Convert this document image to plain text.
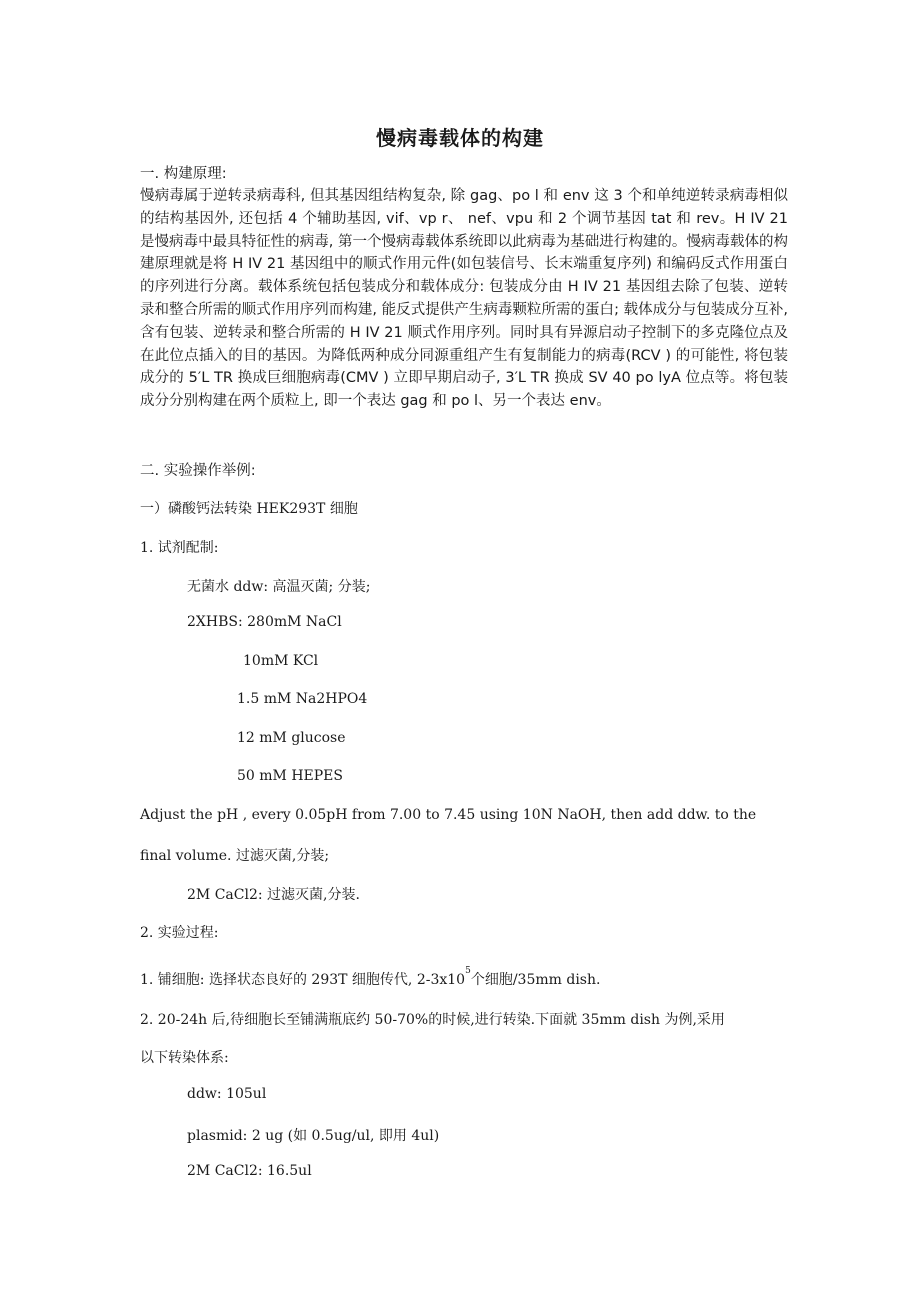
慢病毒载体的构建
一. 构建原理:

慢病毒属于逆转录病毒科, 但其基因组结构复杂, 除 gag、po l 和 env 这 3 个和单纯逆转录病毒相似的结构基因外, 还包括 4 个辅助基因, vif、vp r、 nef、vpu 和 2 个调节基因 tat 和 rev。H IV 21 是慢病毒中最具特征性的病毒, 第一个慢病毒载体系统即以此病毒为基础进行构建的。慢病毒载体的构建原理就是将 H IV 21 基因组中的顺式作用元件(如包装信号、长末端重复序列) 和编码反式作用蛋白的序列进行分离。载体系统包括包装成分和载体成分: 包装成分由 H IV 21 基因组去除了包装、逆转录和整合所需的顺式作用序列而构建, 能反式提供产生病毒颗粒所需的蛋白; 载体成分与包装成分互补, 含有包装、逆转录和整合所需的 H IV 21 顺式作用序列。同时具有异源启动子控制下的多克隆位点及在此位点插入的目的基因。为降低两种成分同源重组产生有复制能力的病毒(RCV ) 的可能性, 将包装成分的 5′L TR 换成巨细胞病毒(CMV ) 立即早期启动子, 3′L TR 换成 SV 40 po lyA 位点等。将包装成分分别构建在两个质粒上, 即一个表达 gag 和 po l、另一个表达 env。

二. 实验操作举例:
一）磷酸钙法转染 HEK293T 细胞
1. 试剂配制:
无菌水 ddw: 高温灭菌; 分装;
2XHBS: 280mM NaCl
10mM KCl
1.5 mM Na2HPO4
12 mM glucose
50 mM HEPES
Adjust the pH , every 0.05pH from 7.00 to 7.45 using 10N NaOH, then add ddw. to the
final volume. 过滤灭菌,分装;
2M CaCl2: 过滤灭菌,分装.
2. 实验过程:
1. 铺细胞: 选择状态良好的 293T 细胞传代, $2-3x10^5$个细胞/35mm dish.
2. 20-24h 后,待细胞长至铺满瓶底约 50-70%的时候,进行转染.下面就 35mm dish 为例,采用
以下转染体系:
ddw: 105ul
plasmid: 2 ug (如 0.5ug/ul, 即用 4ul)
2M CaCl2: 16.5ul
